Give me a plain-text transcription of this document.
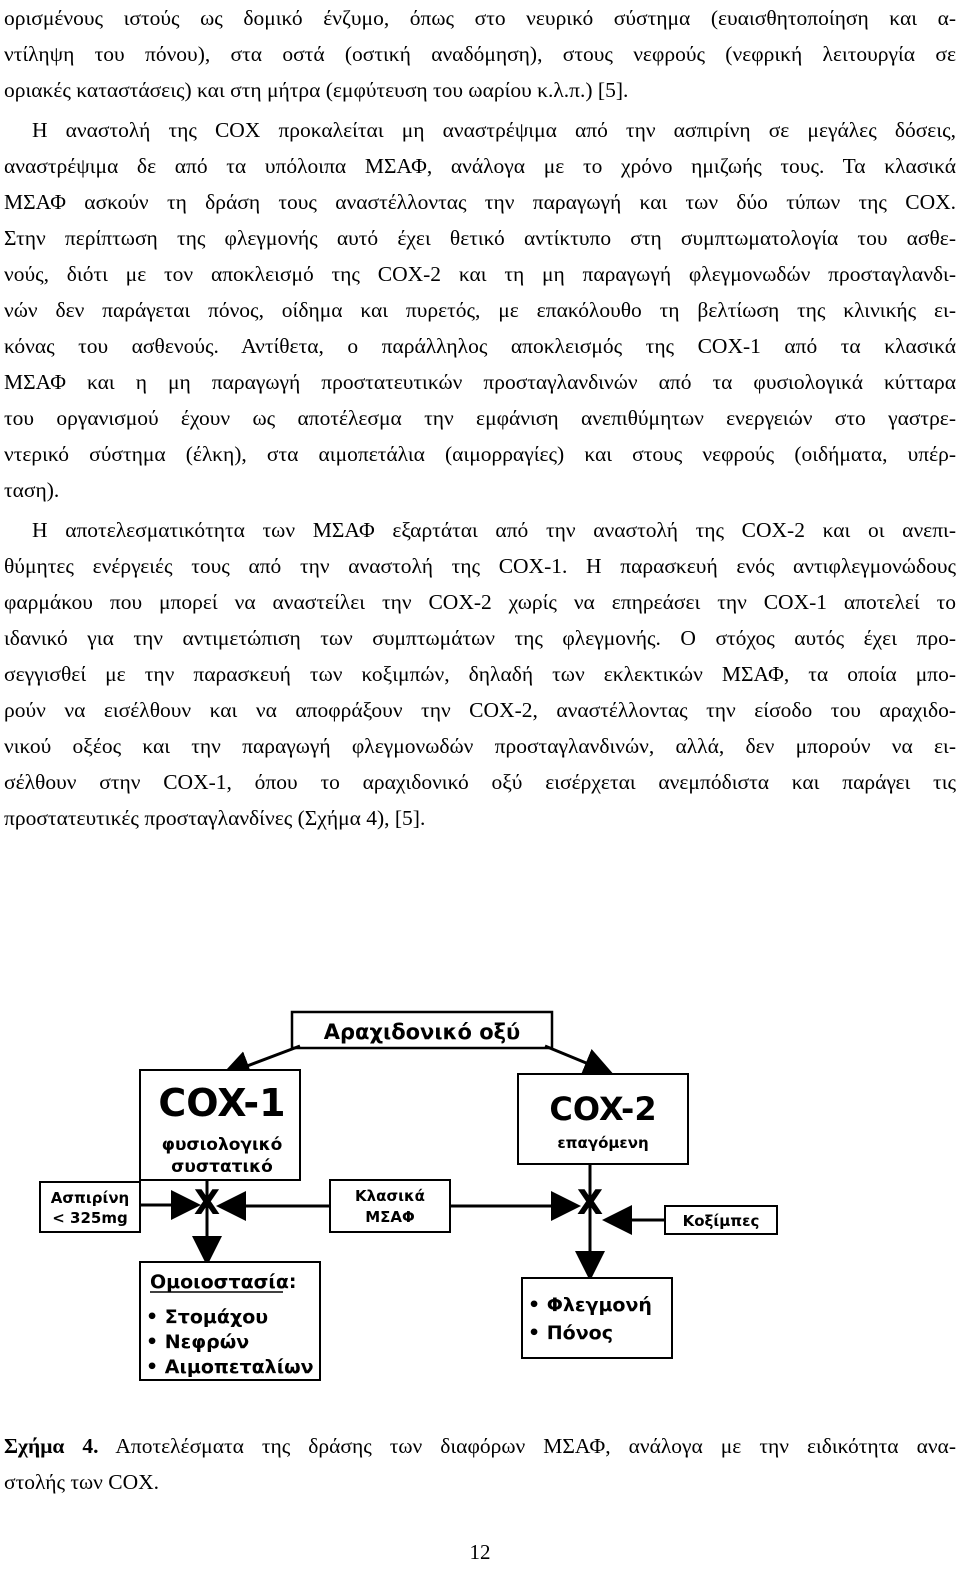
ορισμένους ιστούς ως δομικό ένζυμο, όπως στο νευρικό σύστημα (ευαισθητοποίηση και α-
ντίληψη του πόνου), στα οστά (οστική αναδόμηση), στους νεφρούς (νεφρική λειτουργία σε
οριακές καταστάσεις) και στη μήτρα (εμφύτευση του ωαρίου κ.λ.π.) [5].
Η αναστολή της COX προκαλείται μη αναστρέψιμα από την ασπιρίνη σε μεγάλες δόσεις,
αναστρέψιμα δε από τα υπόλοιπα ΜΣΑΦ, ανάλογα με το χρόνο ημιζωής τους. Τα κλασικά
ΜΣΑΦ ασκούν τη δράση τους αναστέλλοντας την παραγωγή και των δύο τύπων της COX.
Στην περίπτωση της φλεγμονής αυτό έχει θετικό αντίκτυπο στη συμπτωματολογία του ασθε-
νούς, διότι με τον αποκλεισμό της COX-2 και τη μη παραγωγή φλεγμονωδών προσταγλανδι-
νών δεν παράγεται πόνος, οίδημα και πυρετός, με επακόλουθο τη βελτίωση της κλινικής ει-
κόνας του ασθενούς. Αντίθετα, ο παράλληλος αποκλεισμός της COX-1 από τα κλασικά
ΜΣΑΦ και η μη παραγωγή προστατευτικών προσταγλανδινών από τα φυσιολογικά κύτταρα
του οργανισμού έχουν ως αποτέλεσμα την εμφάνιση ανεπιθύμητων ενεργειών στο γαστρε-
ντερικό σύστημα (έλκη), στα αιμοπετάλια (αιμορραγίες) και στους νεφρούς (οιδήματα, υπέρ-
ταση).
Η αποτελεσματικότητα των ΜΣΑΦ εξαρτάται από την αναστολή της COX-2 και οι ανεπι-
θύμητες ενέργειές τους από την αναστολή της COX-1. Η παρασκευή ενός αντιφλεγμονώδους
φαρμάκου που μπορεί να αναστείλει την COX-2 χωρίς να επηρεάσει την COX-1 αποτελεί το
ιδανικό για την αντιμετώπιση των συμπτωμάτων της φλεγμονής. Ο στόχος αυτός έχει προ-
σεγγισθεί με την παρασκευή των κοξιμπών, δηλαδή των εκλεκτικών ΜΣΑΦ, τα οποία μπο-
ρούν να εισέλθουν και να αποφράξουν την COX-2, αναστέλλοντας την είσοδο του αραχιδο-
νικού οξέος και την παραγωγή φλεγμονωδών προσταγλανδινών, αλλά, δεν μπορούν να ει-
σέλθουν στην COX-1, όπου το αραχιδονικό οξύ εισέρχεται ανεμπόδιστα και παράγει τις
προστατευτικές προσταγλανδίνες (Σχήμα 4), [5].
Αραχιδονικό οξύ
COX-1
φυσιολογικό
συστατικό
COX-2
επαγόμενη
X	X
Ασπιρίνη
< 325mg
Κλασικά
ΜΣΑΦ	Κοξίμπες
Ομοιοστασία:
• Στομάχου
• Νεφρών
• Αιμοπεταλίων
• Φλεγμονή
• Πόνος
Σχήμα 4. Αποτελέσματα της δράσης των διαφόρων ΜΣΑΦ, ανάλογα με την ειδικότητα ανα-
στολής των COX.
12
